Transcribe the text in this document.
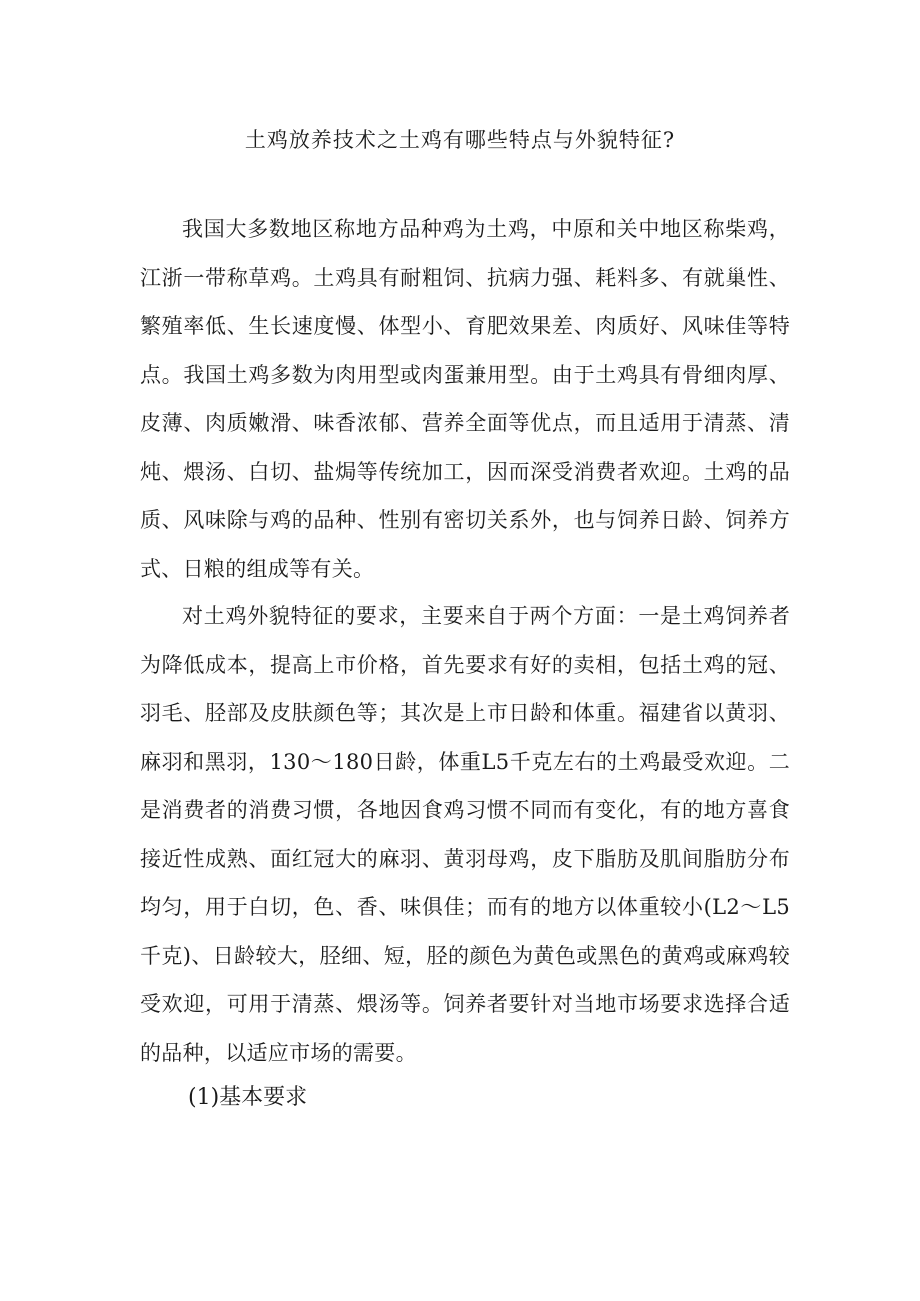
土鸡放养技术之土鸡有哪些特点与外貌特征?

我国大多数地区称地方品种鸡为土鸡，中原和关中地区称柴鸡，江浙一带称草鸡。土鸡具有耐粗饲、抗病力强、耗料多、有就巢性、繁殖率低、生长速度慢、体型小、育肥效果差、肉质好、风味佳等特点。我国土鸡多数为肉用型或肉蛋兼用型。由于土鸡具有骨细肉厚、皮薄、肉质嫩滑、味香浓郁、营养全面等优点，而且适用于清蒸、清炖、煨汤、白切、盐焗等传统加工，因而深受消费者欢迎。土鸡的品质、风味除与鸡的品种、性别有密切关系外，也与饲养日龄、饲养方式、日粮的组成等有关。

对土鸡外貌特征的要求，主要来自于两个方面：一是土鸡饲养者为降低成本，提高上市价格，首先要求有好的卖相，包括土鸡的冠、羽毛、胫部及皮肤颜色等；其次是上市日龄和体重。福建省以黄羽、麻羽和黑羽，130～180日龄，体重L5千克左右的土鸡最受欢迎。二是消费者的消费习惯，各地因食鸡习惯不同而有变化，有的地方喜食接近性成熟、面红冠大的麻羽、黄羽母鸡，皮下脂肪及肌间脂肪分布均匀，用于白切，色、香、味俱佳；而有的地方以体重较小(L2～L5千克)、日龄较大，胫细、短，胫的颜色为黄色或黑色的黄鸡或麻鸡较受欢迎，可用于清蒸、煨汤等。饲养者要针对当地市场要求选择合适的品种，以适应市场的需要。

(1)基本要求
